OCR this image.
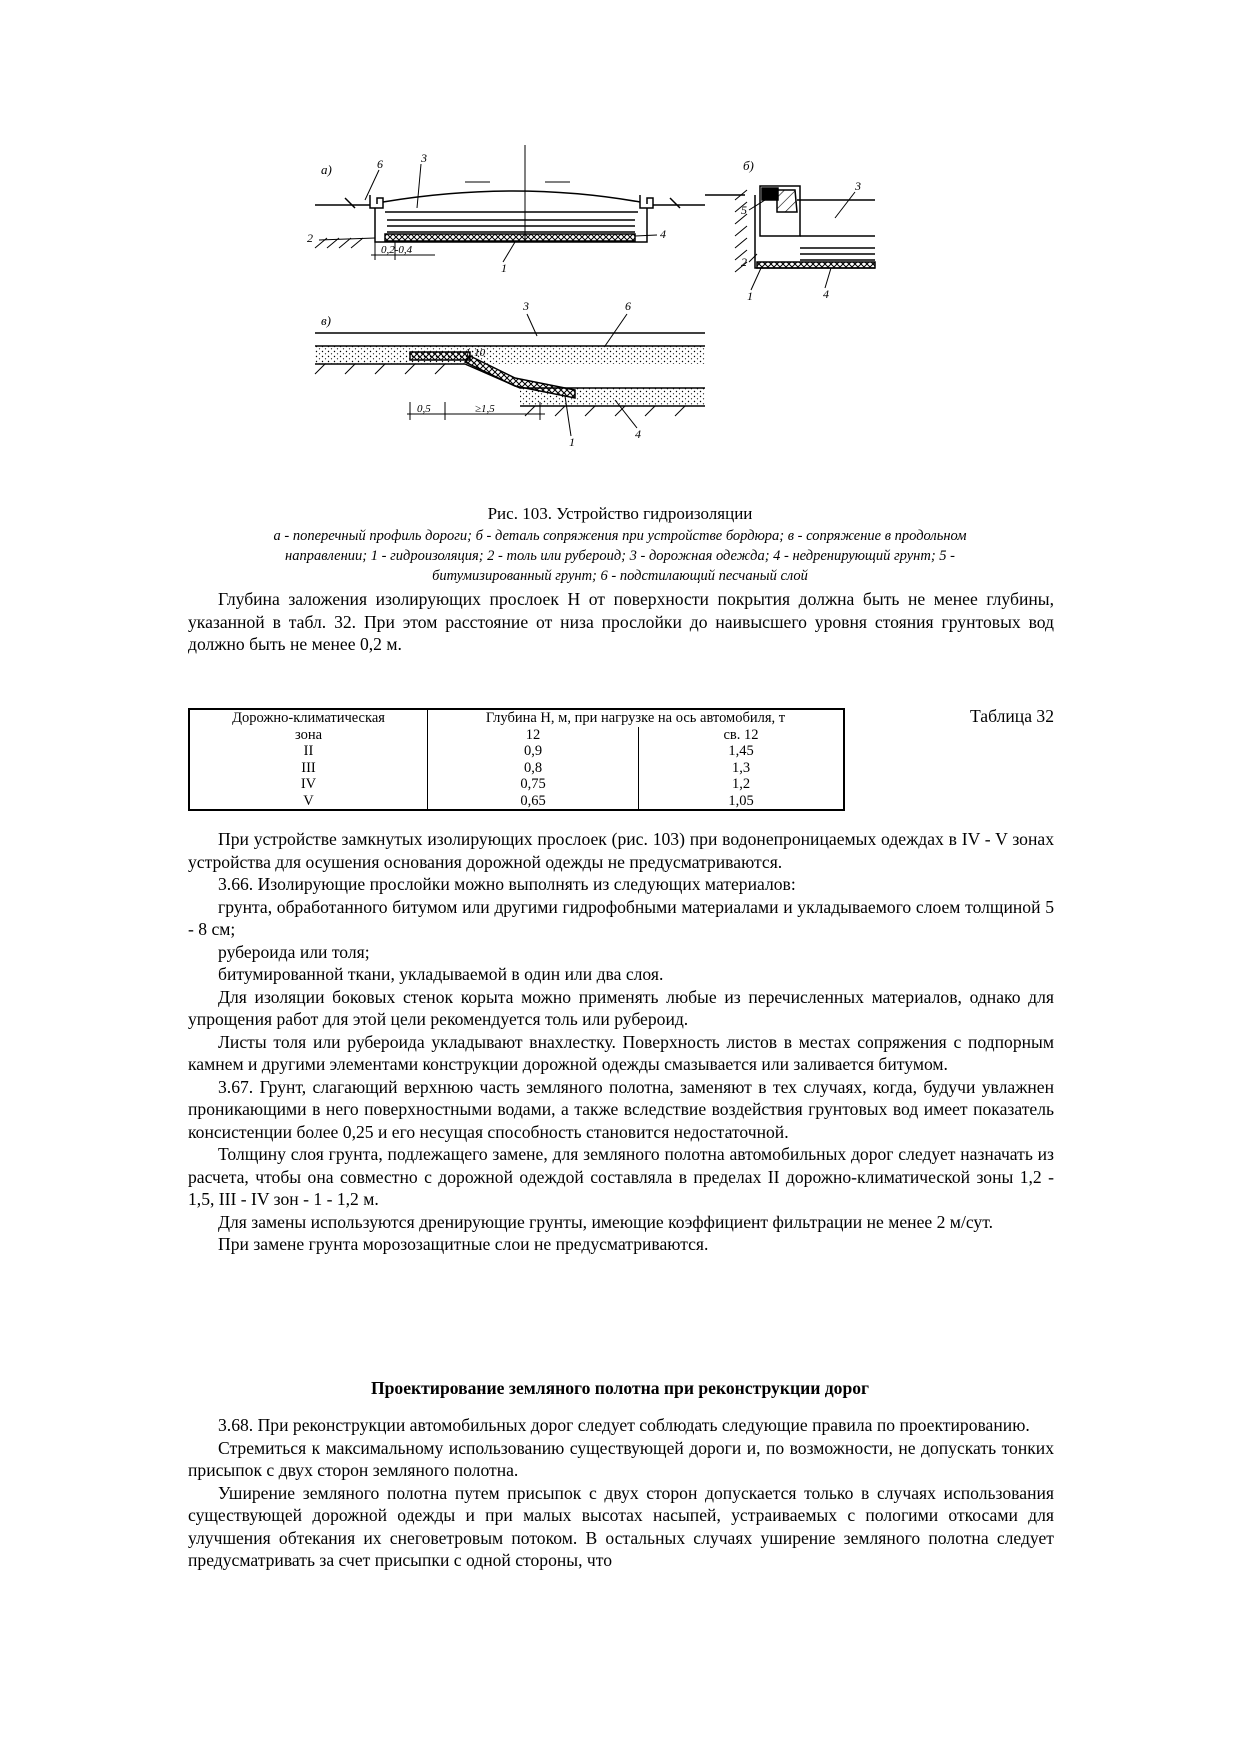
а)	6	3
2	4
0,2-0,4
1
б)
3
5
2
1	4
в)
3	6
1:10
0,5	≥1,5
1
4
Рис. 103. Устройство гидроизоляции
а - поперечный профиль дороги; б - деталь сопряжения при устройстве бордюра; в - сопряжение в продольном
направлении; 1 - гидроизоляция; 2 - толь или рубероид; 3 - дорожная одежда; 4 - недренирующий грунт; 5 -
битумизированный грунт; 6 - подстилающий песчаный слой

Глубина заложения изолирующих прослоек Н от поверхности покрытия должна быть не менее глубины, указанной в табл. 32. При этом расстояние от низа прослойки до наивысшего уровня стояния грунтовых вод должно быть не менее 0,2 м.

Таблица 32
Дорожно-климатическая	Глубина Н, м, при нагрузке на ось автомобиля, т	
зона	12	св. 12
II	0,9	1,45
III	0,8	1,3
IV	0,75	1,2
V	0,65	1,05

При устройстве замкнутых изолирующих прослоек (рис. 103) при водонепроницаемых одеждах в IV - V зонах устройства для осушения основания дорожной одежды не предусматриваются.

3.66. Изолирующие прослойки можно выполнять из следующих материалов:

грунта, обработанного битумом или другими гидрофобными материалами и укладываемого слоем толщиной 5 - 8 см;

рубероида или толя;

битумированной ткани, укладываемой в один или два слоя.

Для изоляции боковых стенок корыта можно применять любые из перечисленных материалов, однако для упрощения работ для этой цели рекомендуется толь или рубероид.

Листы толя или рубероида укладывают внахлестку. Поверхность листов в местах сопряжения с подпорным камнем и другими элементами конструкции дорожной одежды смазывается или заливается битумом.

3.67. Грунт, слагающий верхнюю часть земляного полотна, заменяют в тех случаях, когда, будучи увлажнен проникающими в него поверхностными водами, а также вследствие воздействия грунтовых вод имеет показатель консистенции более 0,25 и его несущая способность становится недостаточной.

Толщину слоя грунта, подлежащего замене, для земляного полотна автомобильных дорог следует назначать из расчета, чтобы она совместно с дорожной одеждой составляла в пределах II дорожно-климатической зоны 1,2 - 1,5, III - IV зон - 1 - 1,2 м.

Для замены используются дренирующие грунты, имеющие коэффициент фильтрации не менее 2 м/сут.

При замене грунта морозозащитные слои не предусматриваются.

Проектирование земляного полотна при реконструкции дорог

3.68. При реконструкции автомобильных дорог следует соблюдать следующие правила по проектированию.

Стремиться к максимальному использованию существующей дороги и, по возможности, не допускать тонких присыпок с двух сторон земляного полотна.

Уширение земляного полотна путем присыпок с двух сторон допускается только в случаях использования существующей дорожной одежды и при малых высотах насыпей, устраиваемых с пологими откосами для улучшения обтекания их снеговетровым потоком. В остальных случаях уширение земляного полотна следует предусматривать за счет присыпки с одной стороны, что
